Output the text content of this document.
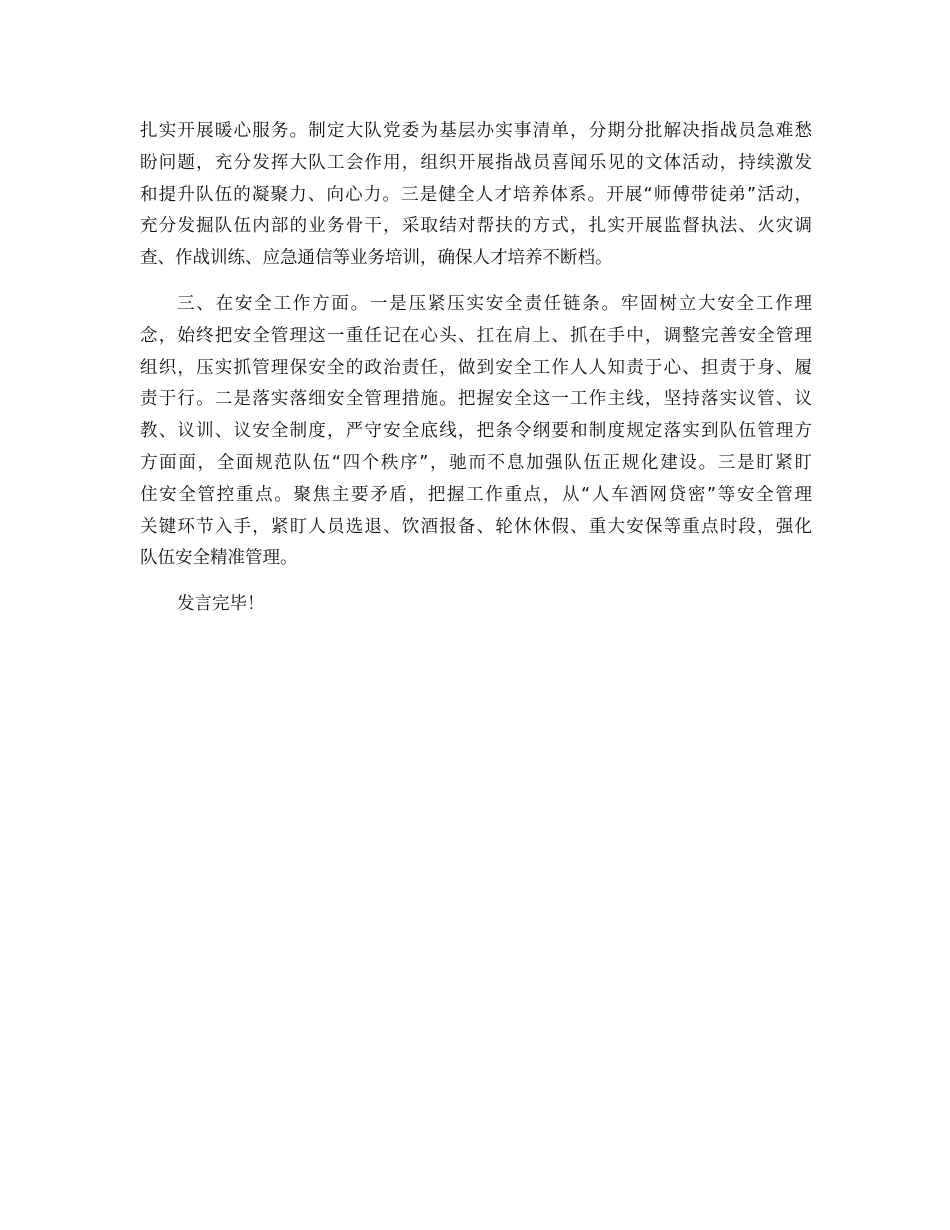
扎实开展暖心服务。制定大队党委为基层办实事清单，分期分批解决指战员急难愁
盼问题，充分发挥大队工会作用，组织开展指战员喜闻乐见的文体活动，持续激发
和提升队伍的凝聚力、向心力。三是健全人才培养体系。开展“师傅带徒弟”活动，
充分发掘队伍内部的业务骨干，采取结对帮扶的方式，扎实开展监督执法、火灾调
查、作战训练、应急通信等业务培训，确保人才培养不断档。
三、在安全工作方面。一是压紧压实安全责任链条。牢固树立大安全工作理
念，始终把安全管理这一重任记在心头、扛在肩上、抓在手中，调整完善安全管理
组织，压实抓管理保安全的政治责任，做到安全工作人人知责于心、担责于身、履
责于行。二是落实落细安全管理措施。把握安全这一工作主线，坚持落实议管、议
教、议训、议安全制度，严守安全底线，把条令纲要和制度规定落实到队伍管理方
方面面，全面规范队伍“四个秩序”，驰而不息加强队伍正规化建设。三是盯紧盯
住安全管控重点。聚焦主要矛盾，把握工作重点，从“人车酒网贷密”等安全管理
关键环节入手，紧盯人员选退、饮酒报备、轮休休假、重大安保等重点时段，强化
队伍安全精准管理。
发言完毕！
